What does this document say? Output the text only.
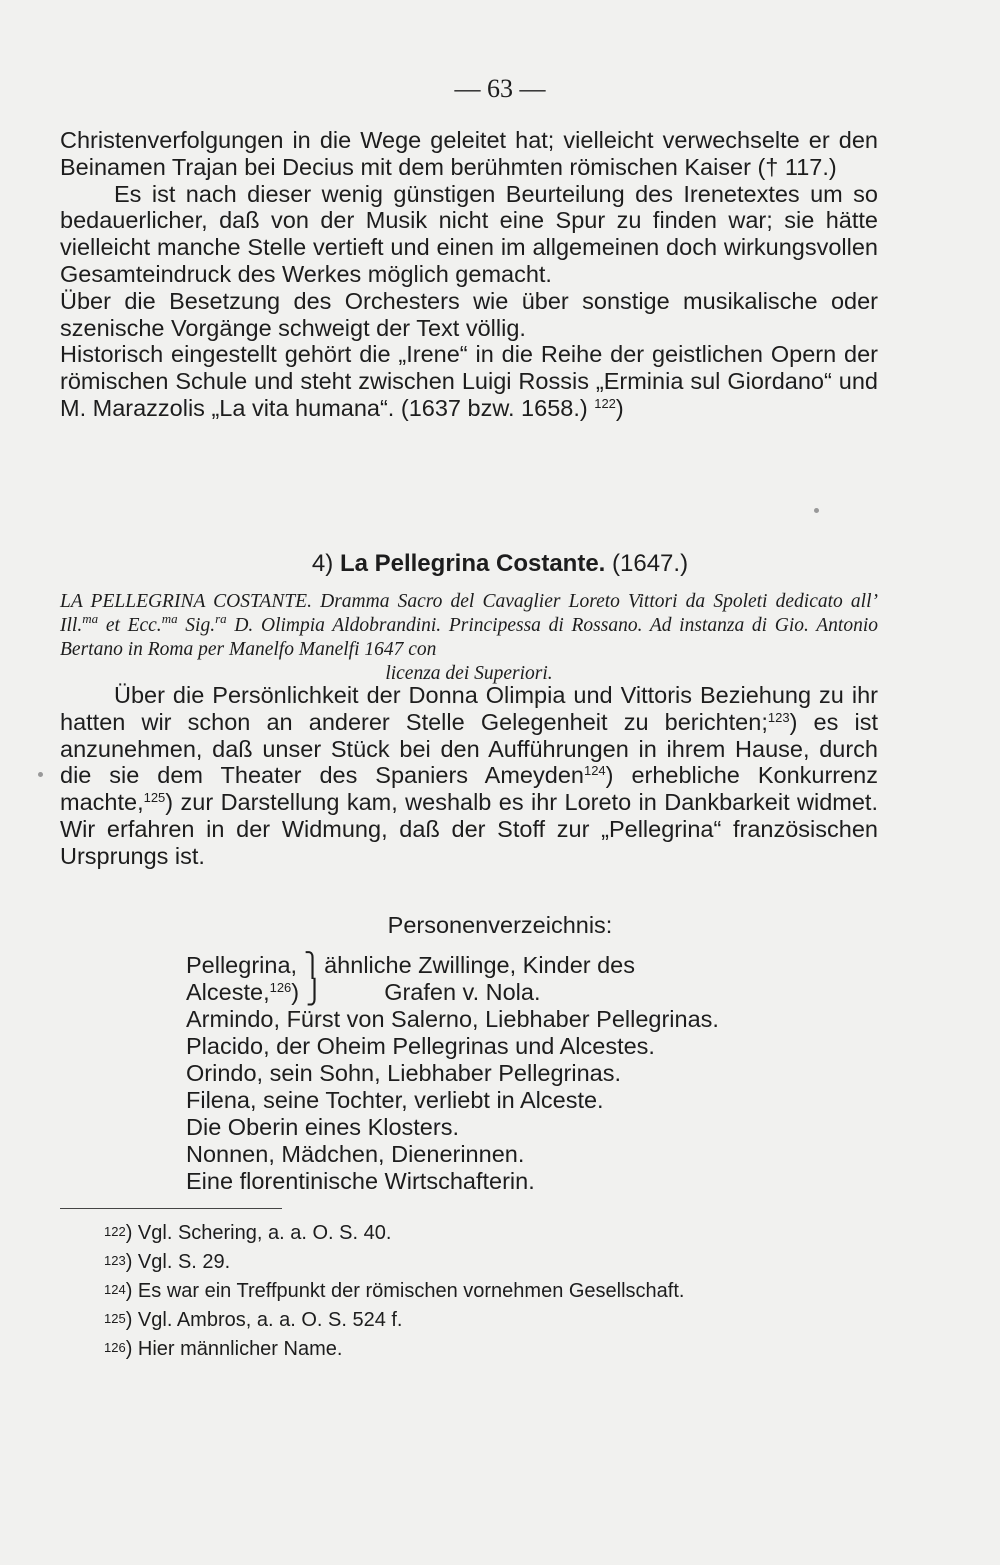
— 63 —

Christenverfolgungen in die Wege geleitet hat; vielleicht verwechselte er den Beinamen Trajan bei Decius mit dem berühmten römischen Kaiser († 117.)

Es ist nach dieser wenig günstigen Beurteilung des Irenetextes um so bedauerlicher, daß von der Musik nicht eine Spur zu finden war; sie hätte vielleicht manche Stelle vertieft und einen im allgemeinen doch wirkungsvollen Gesamteindruck des Werkes möglich gemacht.

Über die Besetzung des Orchesters wie über sonstige musikalische oder szenische Vorgänge schweigt der Text völlig.

Historisch eingestellt gehört die „Irene“ in die Reihe der geistlichen Opern der römischen Schule und steht zwischen Luigi Rossis „Erminia sul Giordano“ und M. Marazzolis „La vita humana“. (1637 bzw. 1658.) $^{122}$)

4) La Pellegrina Costante. (1647.)
LA PELLEGRINA COSTANTE. Dramma Sacro del Cavaglier Loreto Vittori da Spoleti dedicato all’ Ill.$^{ma}$ et Ecc.$^{ma}$ Sig.$^{ra}$ D. Olimpia Aldobrandini. Principessa di Rossano. Ad instanza di Gio. Antonio Bertano in Roma per Manelfo Manelfi 1647 con
licenza dei Superiori.

Über die Persönlichkeit der Donna Olimpia und Vittoris Beziehung zu ihr hatten wir schon an anderer Stelle Gelegenheit zu berichten;$^{123}$) es ist anzunehmen, daß unser Stück bei den Aufführungen in ihrem Hause, durch die sie dem Theater des Spaniers Ameyden$^{124}$) erhebliche Konkurrenz machte,$^{125}$) zur Darstellung kam, weshalb es ihr Loreto in Dankbarkeit widmet. Wir erfahren in der Widmung, daß der Stoff zur „Pellegrina“ französischen Ursprungs ist.

Personenverzeichnis:
Pellegrina, ⎫ ähnliche Zwillinge, Kinder des
Alceste,$^{126}$) ⎭	Grafen v. Nola.
Armindo, Fürst von Salerno, Liebhaber Pellegrinas.
Placido, der Oheim Pellegrinas und Alcestes.
Orindo, sein Sohn, Liebhaber Pellegrinas.
Filena, seine Tochter, verliebt in Alceste.
Die Oberin eines Klosters.
Nonnen, Mädchen, Dienerinnen.
Eine florentinische Wirtschafterin.
122) Vgl. Schering, a. a. O. S. 40.
123) Vgl. S. 29.
124) Es war ein Treffpunkt der römischen vornehmen Gesellschaft.
125) Vgl. Ambros, a. a. O. S. 524 f.
126) Hier männlicher Name.
